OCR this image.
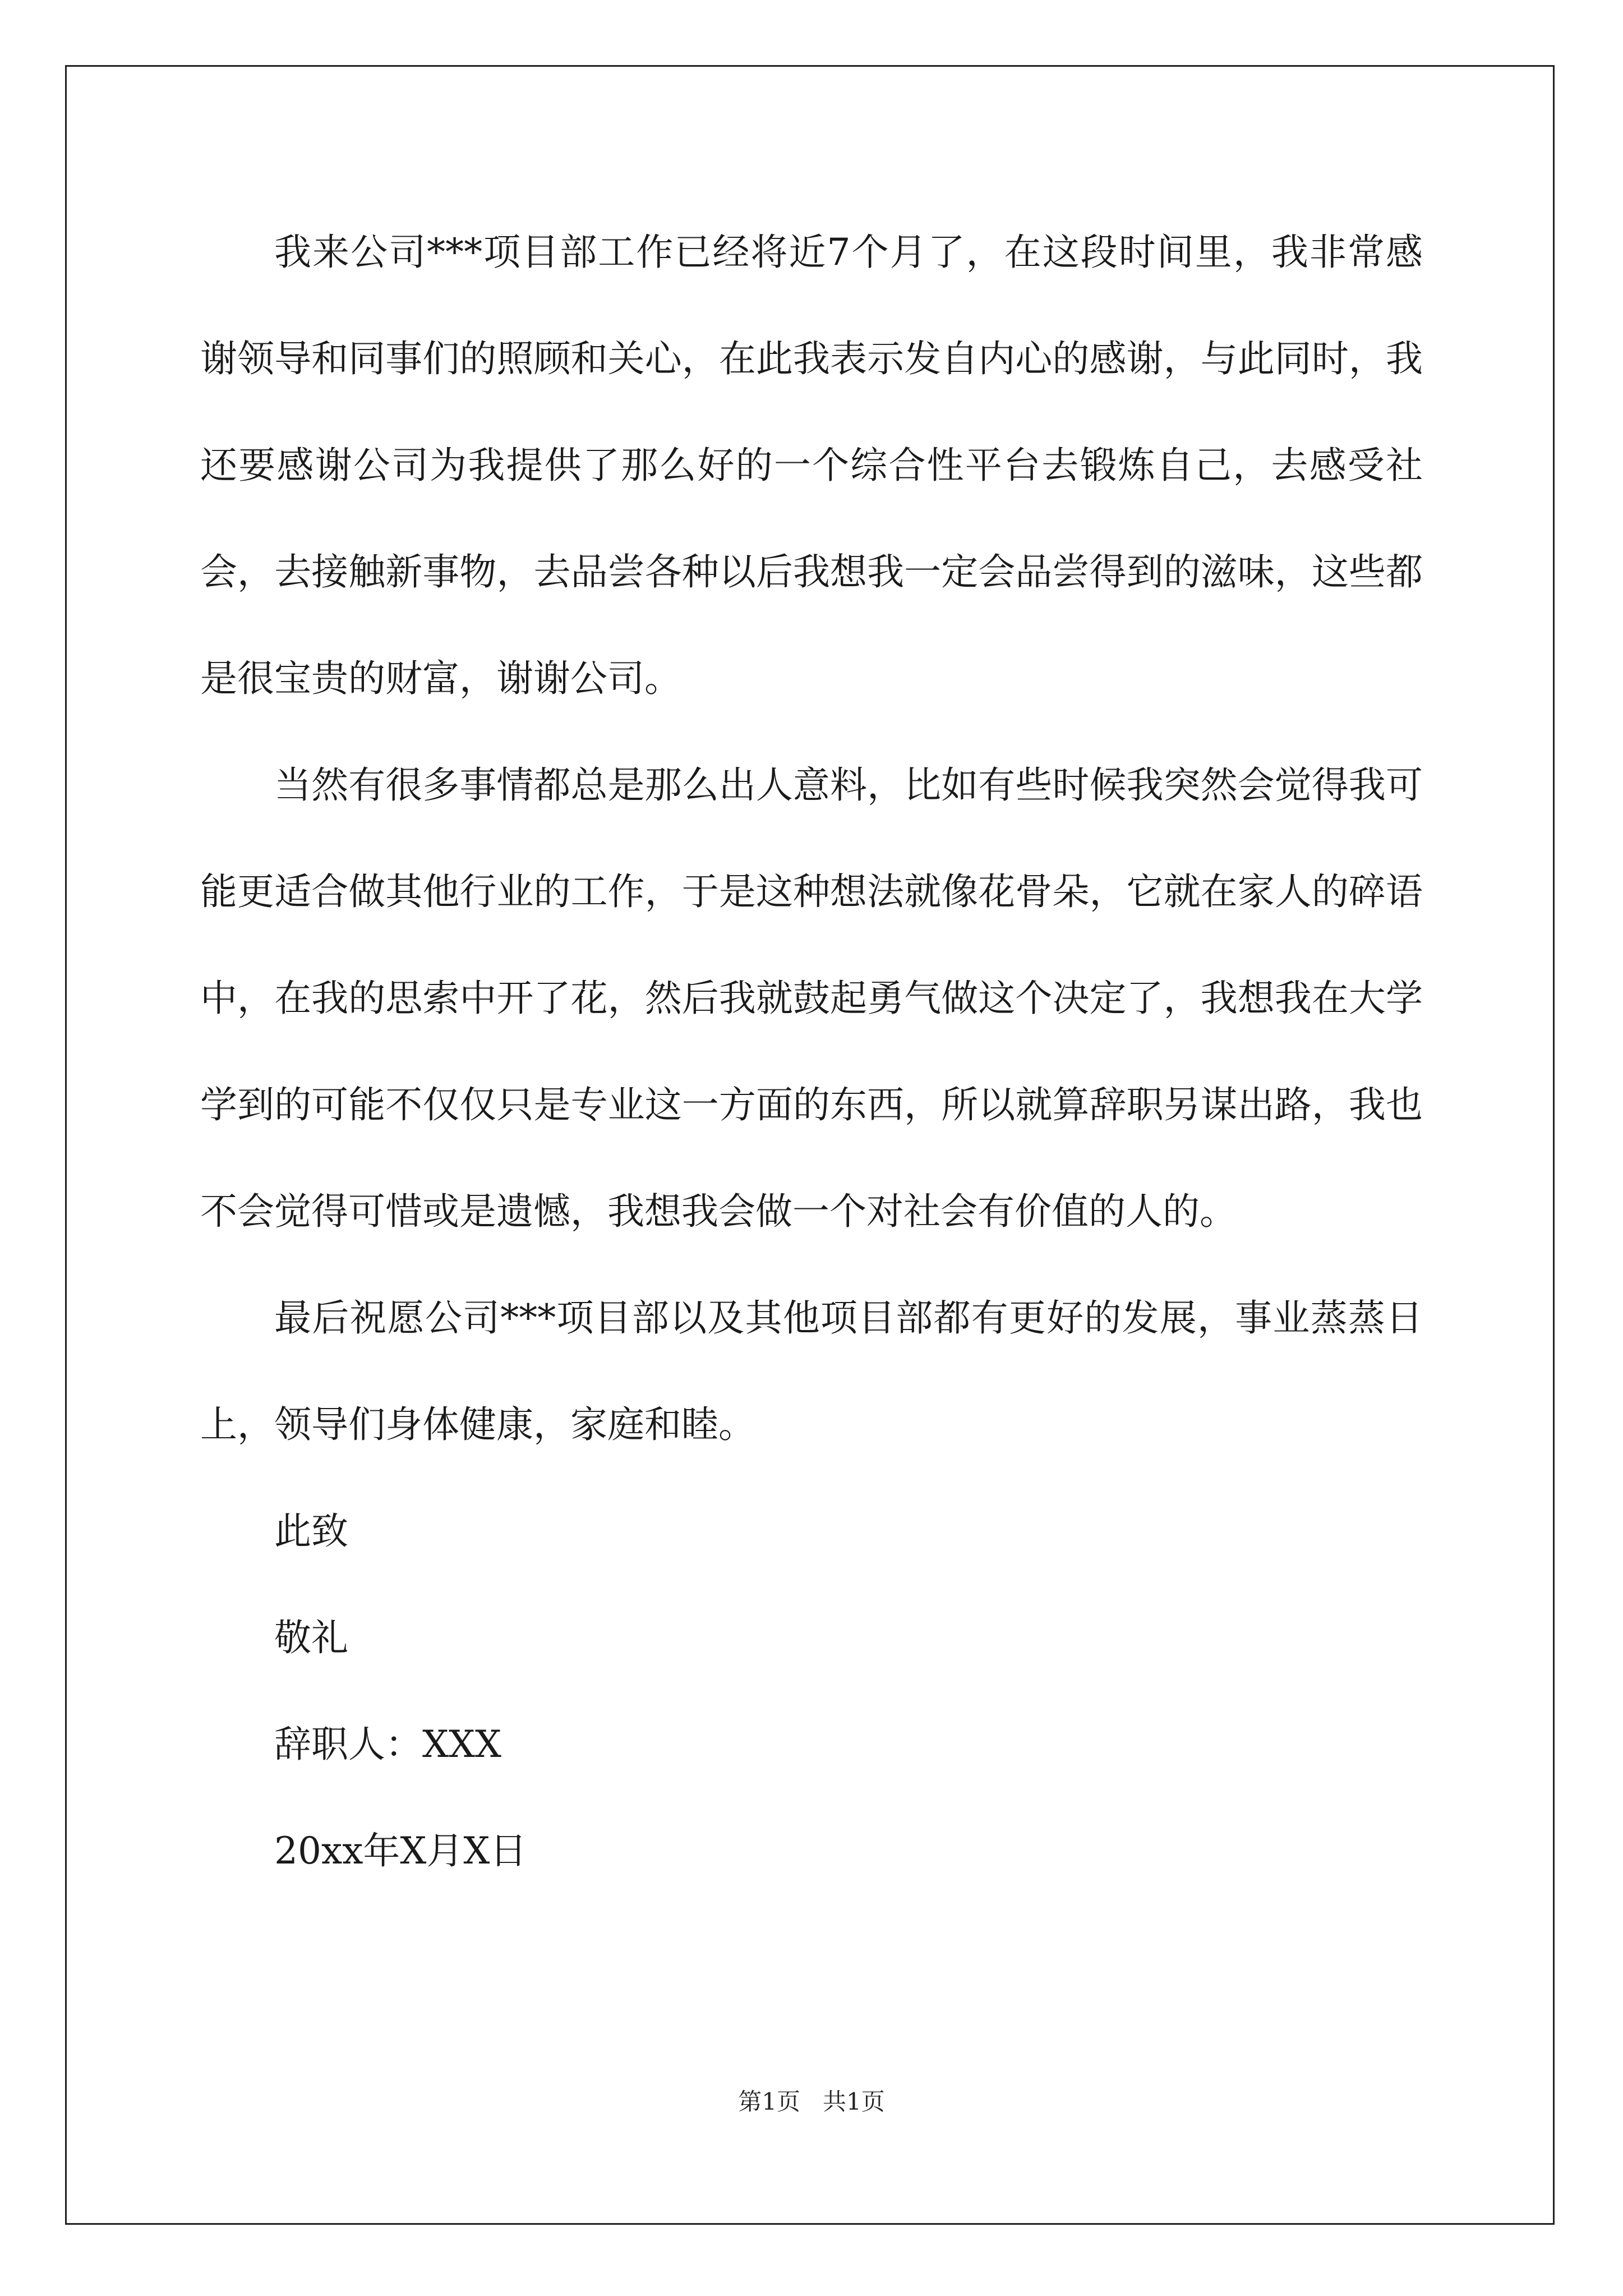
我来公司***项目部工作已经将近7个月了，在这段时间里，我非常感谢领导和同事们的照顾和关心，在此我表示发自内心的感谢，与此同时，我还要感谢公司为我提供了那么好的一个综合性平台去锻炼自己，去感受社会，去接触新事物，去品尝各种以后我想我一定会品尝得到的滋味，这些都是很宝贵的财富，谢谢公司。

当然有很多事情都总是那么出人意料，比如有些时候我突然会觉得我可能更适合做其他行业的工作，于是这种想法就像花骨朵，它就在家人的碎语中，在我的思索中开了花，然后我就鼓起勇气做这个决定了，我想我在大学学到的可能不仅仅只是专业这一方面的东西，所以就算辞职另谋出路，我也不会觉得可惜或是遗憾，我想我会做一个对社会有价值的人的。

最后祝愿公司***项目部以及其他项目部都有更好的发展，事业蒸蒸日上，领导们身体健康，家庭和睦。

此致

敬礼

辞职人：XXX

20xx年X月X日

第1页 共1页
